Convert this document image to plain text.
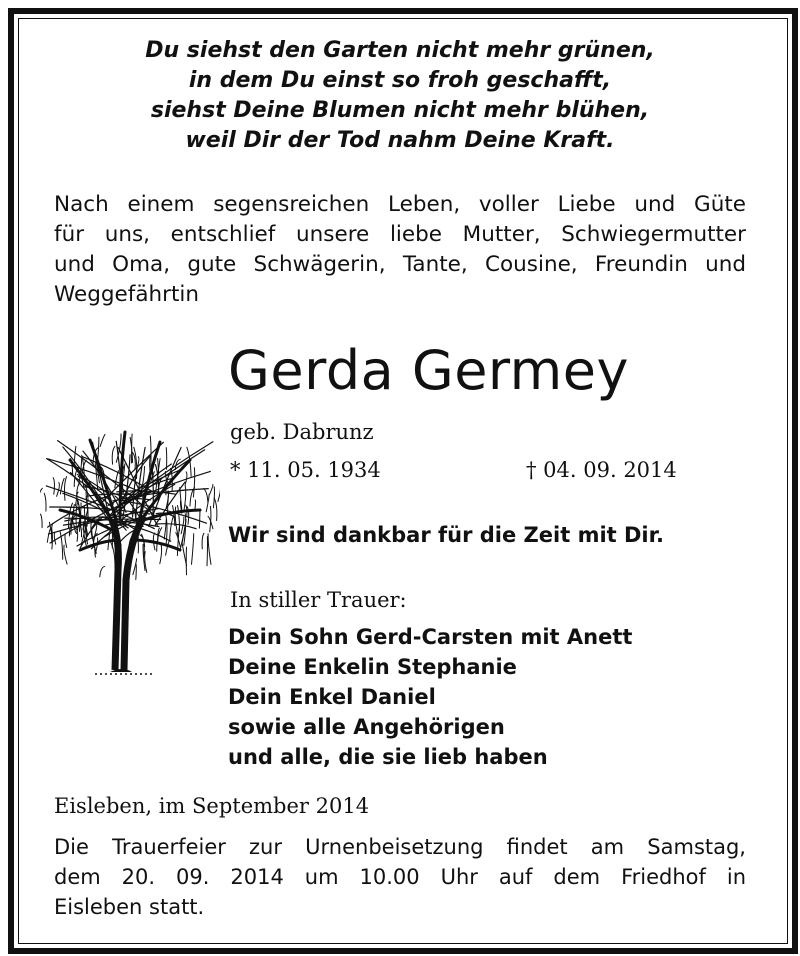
Du siehst den Garten nicht mehr grünen,
in dem Du einst so froh geschafft,
siehst Deine Blumen nicht mehr blühen,
weil Dir der Tod nahm Deine Kraft.
Nach einem segensreichen Leben, voller Liebe und Güte
für uns, entschlief unsere liebe Mutter, Schwiegermutter
und Oma, gute Schwägerin, Tante, Cousine, Freundin und
Weggefährtin
Gerda Germey
geb. Dabrunz
* 11. 05. 1934	† 04. 09. 2014
Wir sind dankbar für die Zeit mit Dir.
In stiller Trauer:
Dein Sohn Gerd-Carsten mit Anett
Deine Enkelin Stephanie
Dein Enkel Daniel
sowie alle Angehörigen
und alle, die sie lieb haben
Eisleben, im September 2014
Die Trauerfeier zur Urnenbeisetzung findet am Samstag,
dem 20. 09. 2014 um 10.00 Uhr auf dem Friedhof in
Eisleben statt.
